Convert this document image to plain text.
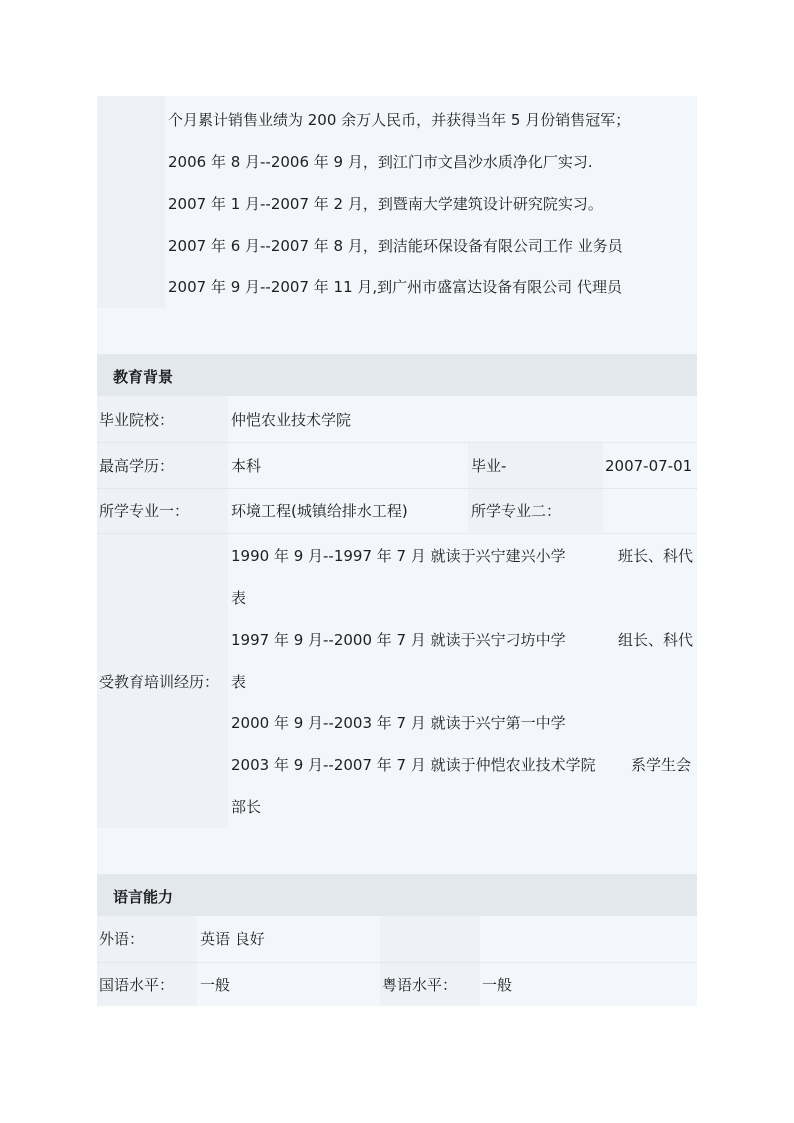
个月累计销售业绩为 200 余万人民币，并获得当年 5 月份销售冠军；
2006 年 8 月--2006 年 9 月，到江门市文昌沙水质净化厂实习.
2007 年 1 月--2007 年 2 月，到暨南大学建筑设计研究院实习。
2007 年 6 月--2007 年 8 月，到洁能环保设备有限公司工作 业务员
2007 年 9 月--2007 年 11 月,到广州市盛富达设备有限公司 代理员
教育背景
毕业院校：	仲恺农业技术学院
最高学历：	本科	毕业-	2007-07-01
所学专业一：	环境工程(城镇给排水工程)	所学专业二：
受教育培训经历：
1990 年 9 月--1997 年 7 月 就读于兴宁建兴小学	班长、科代
表
1997 年 9 月--2000 年 7 月 就读于兴宁刁坊中学	组长、科代
表
2000 年 9 月--2003 年 7 月 就读于兴宁第一中学
2003 年 9 月--2007 年 7 月 就读于仲恺农业技术学院 系学生会
部长
语言能力
外语：	英语 良好
国语水平： 一般	粤语水平： 一般
